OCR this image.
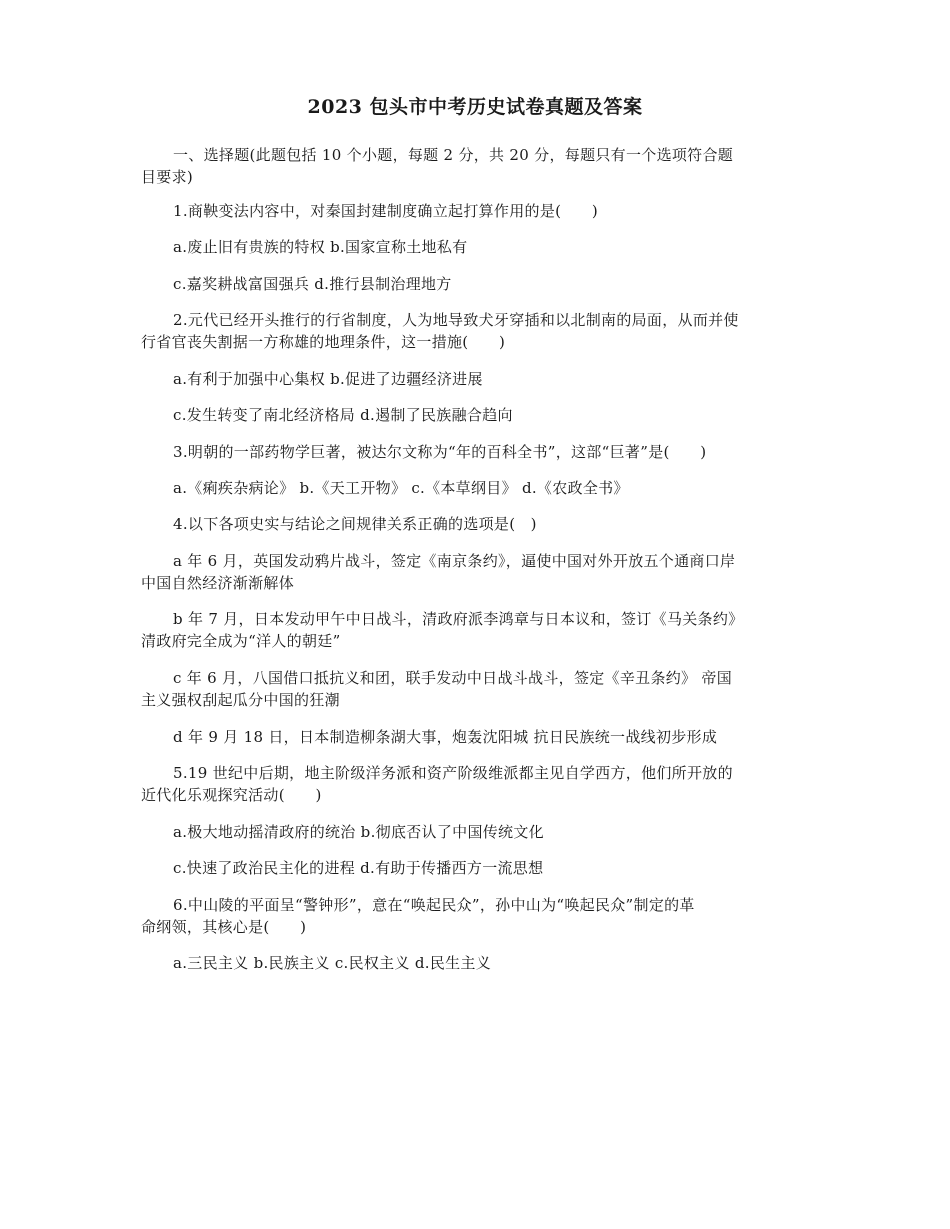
2023 包头市中考历史试卷真题及答案
一、选择题(此题包括 10 个小题，每题 2 分，共 20 分，每题只有一个选项符合题
目要求)
1.商鞅变法内容中，对秦国封建制度确立起打算作用的是(　　)
a.废止旧有贵族的特权 b.国家宣称土地私有
c.嘉奖耕战富国强兵 d.推行县制治理地方
2.元代已经开头推行的行省制度，人为地导致犬牙穿插和以北制南的局面，从而并使
行省官丧失割据一方称雄的地理条件，这一措施(　　)
a.有利于加强中心集权 b.促进了边疆经济进展
c.发生转变了南北经济格局 d.遏制了民族融合趋向
3.明朝的一部药物学巨著，被达尔文称为“年的百科全书”，这部“巨著”是(　　)
a.《痢疾杂病论》 b.《天工开物》 c.《本草纲目》 d.《农政全书》
4.以下各项史实与结论之间规律关系正确的选项是(　)
a 年 6 月，英国发动鸦片战斗，签定《南京条约》，逼使中国对外开放五个通商口岸
中国自然经济渐渐解体
b 年 7 月，日本发动甲午中日战斗，清政府派李鸿章与日本议和，签订《马关条约》
清政府完全成为“洋人的朝廷”
c 年 6 月，八国借口抵抗义和团，联手发动中日战斗战斗，签定《辛丑条约》 帝国
主义强权刮起瓜分中国的狂潮
d 年 9 月 18 日，日本制造柳条湖大事，炮轰沈阳城 抗日民族统一战线初步形成
5.19 世纪中后期，地主阶级洋务派和资产阶级维派都主见自学西方，他们所开放的
近代化乐观探究活动(　　)
a.极大地动摇清政府的统治 b.彻底否认了中国传统文化
c.快速了政治民主化的进程 d.有助于传播西方一流思想
6.中山陵的平面呈“警钟形”，意在“唤起民众”，孙中山为“唤起民众”制定的革
命纲领，其核心是(　　)
a.三民主义 b.民族主义 c.民权主义 d.民生主义
